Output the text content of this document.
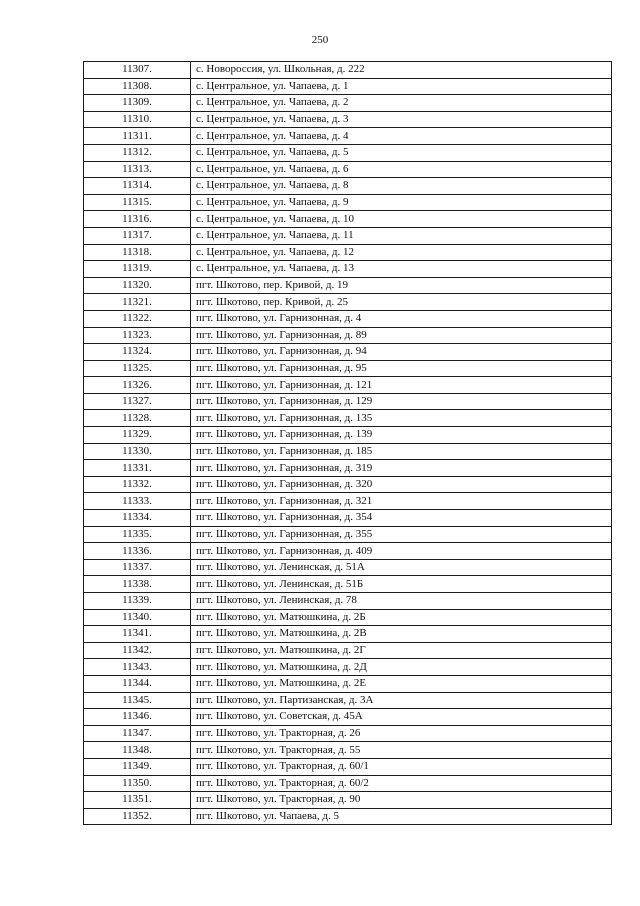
250
11307.	с. Новороссия, ул. Школьная, д. 222
11308.	с. Центральное, ул. Чапаева, д. 1
11309.	с. Центральное, ул. Чапаева, д. 2
11310.	с. Центральное, ул. Чапаева, д. 3
11311.	с. Центральное, ул. Чапаева, д. 4
11312.	с. Центральное, ул. Чапаева, д. 5
11313.	с. Центральное, ул. Чапаева, д. 6
11314.	с. Центральное, ул. Чапаева, д. 8
11315.	с. Центральное, ул. Чапаева, д. 9
11316.	с. Центральное, ул. Чапаева, д. 10
11317.	с. Центральное, ул. Чапаева, д. 11
11318.	с. Центральное, ул. Чапаева, д. 12
11319.	с. Центральное, ул. Чапаева, д. 13
11320.	пгт. Шкотово, пер. Кривой, д. 19
11321.	пгт. Шкотово, пер. Кривой, д. 25
11322.	пгт. Шкотово, ул. Гарнизонная, д. 4
11323.	пгт. Шкотово, ул. Гарнизонная, д. 89
11324.	пгт. Шкотово, ул. Гарнизонная, д. 94
11325.	пгт. Шкотово, ул. Гарнизонная, д. 95
11326.	пгт. Шкотово, ул. Гарнизонная, д. 121
11327.	пгт. Шкотово, ул. Гарнизонная, д. 129
11328.	пгт. Шкотово, ул. Гарнизонная, д. 135
11329.	пгт. Шкотово, ул. Гарнизонная, д. 139
11330.	пгт. Шкотово, ул. Гарнизонная, д. 185
11331.	пгт. Шкотово, ул. Гарнизонная, д. 319
11332.	пгт. Шкотово, ул. Гарнизонная, д. 320
11333.	пгт. Шкотово, ул. Гарнизонная, д. 321
11334.	пгт. Шкотово, ул. Гарнизонная, д. 354
11335.	пгт. Шкотово, ул. Гарнизонная, д. 355
11336.	пгт. Шкотово, ул. Гарнизонная, д. 409
11337.	пгт. Шкотово, ул. Ленинская, д. 51А
11338.	пгт. Шкотово, ул. Ленинская, д. 51Б
11339.	пгт. Шкотово, ул. Ленинская, д. 78
11340.	пгт. Шкотово, ул. Матюшкина, д. 2Б
11341.	пгт. Шкотово, ул. Матюшкина, д. 2В
11342.	пгт. Шкотово, ул. Матюшкина, д. 2Г
11343.	пгт. Шкотово, ул. Матюшкина, д. 2Д
11344.	пгт. Шкотово, ул. Матюшкина, д. 2Е
11345.	пгт. Шкотово, ул. Партизанская, д. 3А
11346.	пгт. Шкотово, ул. Советская, д. 45А
11347.	пгт. Шкотово, ул. Тракторная, д. 26
11348.	пгт. Шкотово, ул. Тракторная, д. 55
11349.	пгт. Шкотово, ул. Тракторная, д. 60/1
11350.	пгт. Шкотово, ул. Тракторная, д. 60/2
11351.	пгт. Шкотово, ул. Тракторная, д. 90
11352.	пгт. Шкотово, ул. Чапаева, д. 5
